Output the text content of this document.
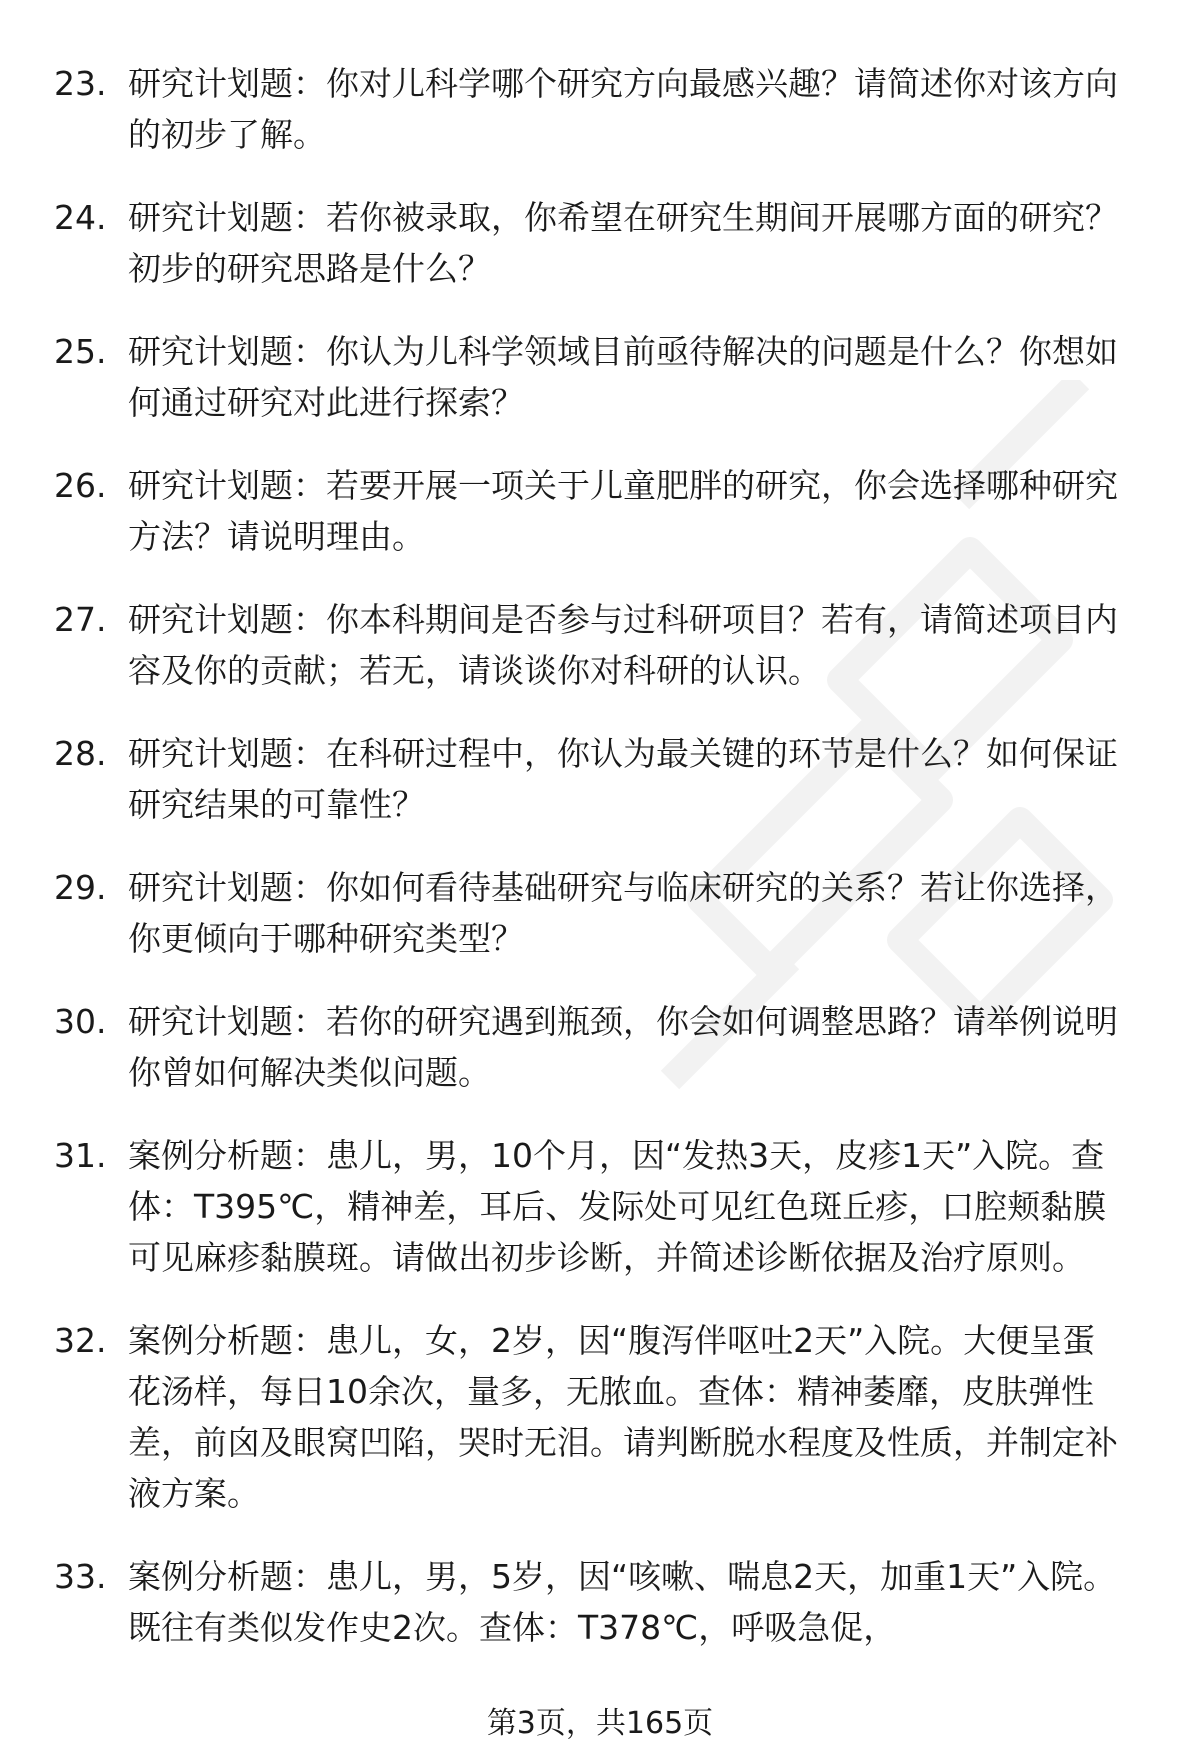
23. 研究计划题：你对儿科学哪个研究方向最感兴趣？请简述你对该方向的初步了解。
24. 研究计划题：若你被录取，你希望在研究生期间开展哪方面的研究？初步的研究思路是什么？
25. 研究计划题：你认为儿科学领域目前亟待解决的问题是什么？你想如何通过研究对此进行探索？
26. 研究计划题：若要开展一项关于儿童肥胖的研究，你会选择哪种研究方法？请说明理由。
27. 研究计划题：你本科期间是否参与过科研项目？若有，请简述项目内容及你的贡献；若无，请谈谈你对科研的认识。
28. 研究计划题：在科研过程中，你认为最关键的环节是什么？如何保证研究结果的可靠性？
29. 研究计划题：你如何看待基础研究与临床研究的关系？若让你选择，你更倾向于哪种研究类型？
30. 研究计划题：若你的研究遇到瓶颈，你会如何调整思路？请举例说明你曾如何解决类似问题。
31. 案例分析题：患儿，男，10个月，因“发热3天，皮疹1天”入院。查体：T395℃，精神差，耳后、发际处可见红色斑丘疹，口腔颊黏膜可见麻疹黏膜斑。请做出初步诊断，并简述诊断依据及治疗原则。
32. 案例分析题：患儿，女，2岁，因“腹泻伴呕吐2天”入院。大便呈蛋花汤样，每日10余次，量多，无脓血。查体：精神萎靡，皮肤弹性差，前囟及眼窝凹陷，哭时无泪。请判断脱水程度及性质，并制定补液方案。
33. 案例分析题：患儿，男，5岁，因“咳嗽、喘息2天，加重1天”入院。既往有类似发作史2次。查体：T378℃，呼吸急促，
第3页，共165页
